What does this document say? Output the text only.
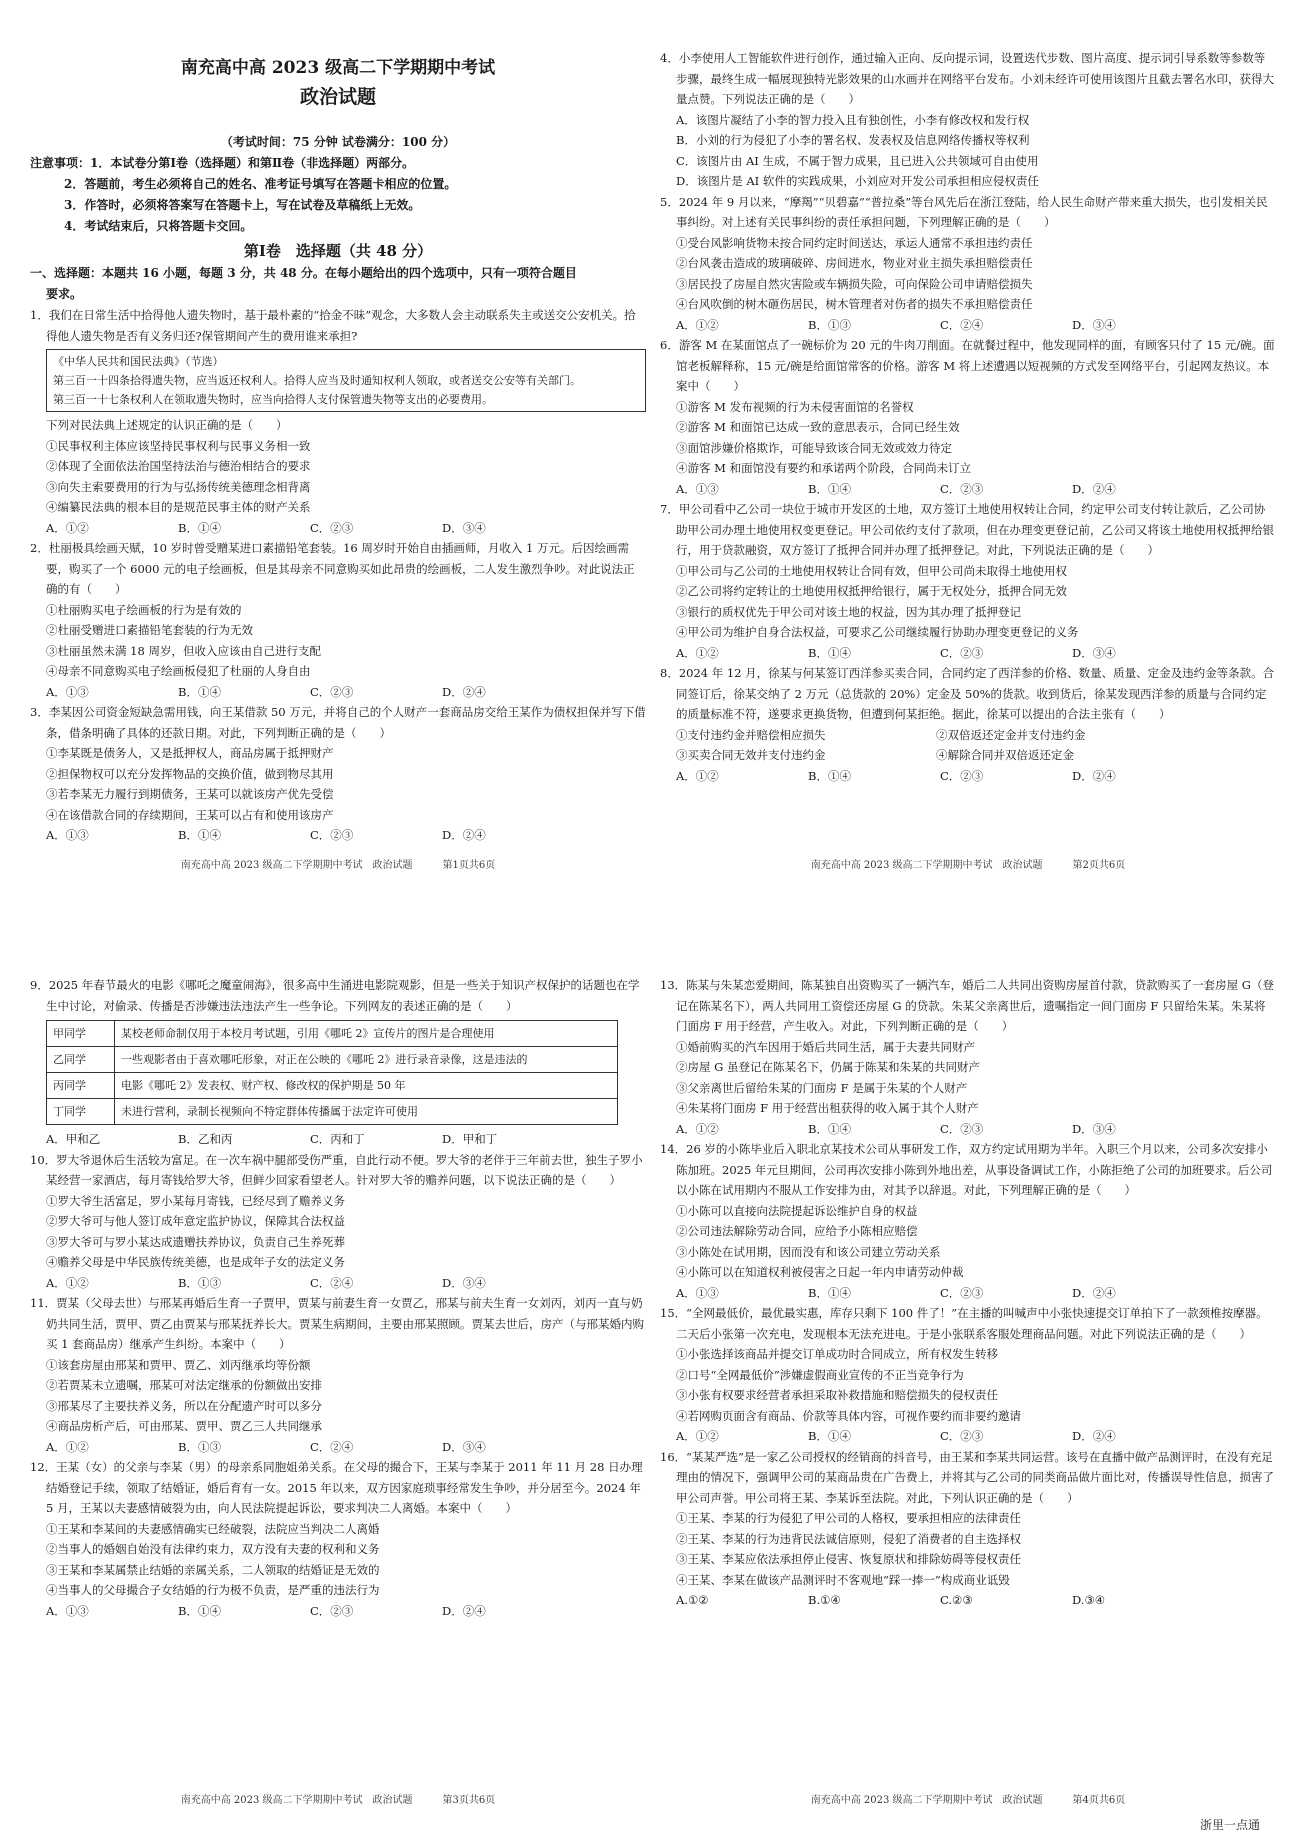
南充高中高 2023 级高二下学期期中考试
政治试题
（考试时间：75 分钟 试卷满分：100 分）
注意事项：1．本试卷分第Ⅰ卷（选择题）和第Ⅱ卷（非选择题）两部分。
2．答题前，考生必须将自己的姓名、准考证号填写在答题卡相应的位置。
3．作答时，必须将答案写在答题卡上，写在试卷及草稿纸上无效。
4．考试结束后，只将答题卡交回。
第Ⅰ卷　选择题（共 48 分）
一、选择题：本题共 16 小题，每题 3 分，共 48 分。在每小题给出的四个选项中，只有一项符合题目
要求。
1．我们在日常生活中拾得他人遗失物时，基于最朴素的“拾金不昧”观念，大多数人会主动联系失主或送交公安机关。拾得他人遗失物是否有义务归还?保管期间产生的费用谁来承担?
《中华人民共和国民法典》（节选）
第三百一十四条拾得遗失物，应当返还权利人。拾得人应当及时通知权利人领取，或者送交公安等有关部门。
第三百一十七条权利人在领取遗失物时，应当向拾得人支付保管遗失物等支出的必要费用。
下列对民法典上述规定的认识正确的是（　　）
①民事权利主体应该坚持民事权利与民事义务相一致
②体现了全面依法治国坚持法治与德治相结合的要求
③向失主索要费用的行为与弘扬传统美德理念相背离
④编纂民法典的根本目的是规范民事主体的财产关系
A．①②	B．①④	C．②③	D．③④
2．杜丽极具绘画天赋，10 岁时曾受赠某进口素描铅笔套装。16 周岁时开始自由插画师，月收入 1 万元。后因绘画需要，购买了一个 6000 元的电子绘画板，但是其母亲不同意购买如此昂贵的绘画板，二人发生激烈争吵。对此说法正确的有（　　）
①杜丽购买电子绘画板的行为是有效的
②杜丽受赠进口素描铅笔套装的行为无效
③杜丽虽然未满 18 周岁，但收入应该由自己进行支配
④母亲不同意购买电子绘画板侵犯了杜丽的人身自由
A．①③	B．①④	C．②③	D．②④
3．李某因公司资金短缺急需用钱，向王某借款 50 万元，并将自己的个人财产一套商品房交给王某作为债权担保并写下借条，借条明确了具体的还款日期。对此，下列判断正确的是（　　）
①李某既是债务人，又是抵押权人，商品房属于抵押财产
②担保物权可以充分发挥物品的交换价值，做到物尽其用
③若李某无力履行到期债务，王某可以就该房产优先受偿
④在该借款合同的存续期间，王某可以占有和使用该房产
A．①③	B．①④	C．②③	D．②④
南充高中高 2023 级高二下学期期中考试　政治试题　　　第1页共6页
4．小李使用人工智能软件进行创作，通过输入正向、反向提示词，设置迭代步数、图片高度、提示词引导系数等参数等步骤，最终生成一幅展现独特光影效果的山水画并在网络平台发布。小刘未经许可使用该图片且截去署名水印，获得大量点赞。下列说法正确的是（　　）
A．该图片凝结了小李的智力投入且有独创性，小李有修改权和发行权
B．小刘的行为侵犯了小李的署名权、发表权及信息网络传播权等权利
C．该图片由 AI 生成，不属于智力成果，且已进入公共领域可自由使用
D．该图片是 AI 软件的实践成果，小刘应对开发公司承担相应侵权责任
5．2024 年 9 月以来，“摩羯”“贝碧嘉”“普拉桑”等台风先后在浙江登陆，给人民生命财产带来重大损失，也引发相关民事纠纷。对上述有关民事纠纷的责任承担问题，下列理解正确的是（　　）
①受台风影响货物未按合同约定时间送达，承运人通常不承担违约责任
②台风袭击造成的玻璃破碎、房间进水，物业对业主损失承担赔偿责任
③居民投了房屋自然灾害险或车辆损失险，可向保险公司申请赔偿损失
④台风吹倒的树木砸伤居民，树木管理者对伤者的损失不承担赔偿责任
A．①②	B．①③	C．②④	D．③④
6．游客 M 在某面馆点了一碗标价为 20 元的牛肉刀削面。在就餐过程中，他发现同样的面，有顾客只付了 15 元/碗。面馆老板解释称，15 元/碗是给面馆常客的价格。游客 M 将上述遭遇以短视频的方式发至网络平台，引起网友热议。本案中（　　）
①游客 M 发布视频的行为未侵害面馆的名誉权
②游客 M 和面馆已达成一致的意思表示，合同已经生效
③面馆涉嫌价格欺诈，可能导致该合同无效或效力待定
④游客 M 和面馆没有要约和承诺两个阶段，合同尚未订立
A．①③	B．①④	C．②③	D．②④
7．甲公司看中乙公司一块位于城市开发区的土地，双方签订土地使用权转让合同，约定甲公司支付转让款后，乙公司协助甲公司办理土地使用权变更登记。甲公司依约支付了款项，但在办理变更登记前，乙公司又将该土地使用权抵押给银行，用于贷款融资，双方签订了抵押合同并办理了抵押登记。对此，下列说法正确的是（　　）
①甲公司与乙公司的土地使用权转让合同有效，但甲公司尚未取得土地使用权
②乙公司将约定转让的土地使用权抵押给银行，属于无权处分，抵押合同无效
③银行的质权优先于甲公司对该土地的权益，因为其办理了抵押登记
④甲公司为维护自身合法权益，可要求乙公司继续履行协助办理变更登记的义务
A．①②	B．①④	C．②③	D．③④
8．2024 年 12 月，徐某与何某签订西洋参买卖合同，合同约定了西洋参的价格、数量、质量、定金及违约金等条款。合同签订后，徐某交纳了 2 万元（总货款的 20%）定金及 50%的货款。收到货后，徐某发现西洋参的质量与合同约定的质量标准不符，遂要求更换货物，但遭到何某拒绝。据此，徐某可以提出的合法主张有（　　）
①支付违约金并赔偿相应损失	②双倍返还定金并支付违约金
③买卖合同无效并支付违约金	④解除合同并双倍返还定金
A．①②	B．①④	C．②③	D．②④
南充高中高 2023 级高二下学期期中考试　政治试题　　　第2页共6页
9．2025 年春节最火的电影《哪吒之魔童闹海》，很多高中生涌进电影院观影，但是一些关于知识产权保护的话题也在学生中讨论，对偷录、传播是否涉嫌违法违法产生一些争论。下列网友的表述正确的是（　　）
甲同学	某校老师命制仅用于本校月考试题，引用《哪吒 2》宣传片的图片是合理使用
乙同学	一些观影者由于喜欢哪吒形象，对正在公映的《哪吒 2》进行录音录像，这是违法的
丙同学	电影《哪吒 2》发表权、财产权、修改权的保护期是 50 年
丁同学	未进行营利，录制长视频向不特定群体传播属于法定许可使用
A．甲和乙	B．乙和丙	C．丙和丁	D．甲和丁
10．罗大爷退休后生活较为富足。在一次车祸中腿部受伤严重，自此行动不便。罗大爷的老伴于三年前去世，独生子罗小某经营一家酒店，每月寄钱给罗大爷，但鲜少回家看望老人。针对罗大爷的赡养问题，以下说法正确的是（　　）
①罗大爷生活富足，罗小某每月寄钱，已经尽到了赡养义务
②罗大爷可与他人签订成年意定监护协议，保障其合法权益
③罗大爷可与罗小某达成遗赠扶养协议，负责自己生养死葬
④赡养父母是中华民族传统美德，也是成年子女的法定义务
A．①②	B．①③	C．②④	D．③④
11．贾某（父母去世）与邢某再婚后生育一子贾甲，贾某与前妻生育一女贾乙，邢某与前夫生育一女刘丙，刘丙一直与奶奶共同生活，贾甲、贾乙由贾某与邢某抚养长大。贾某生病期间，主要由邢某照顾。贾某去世后，房产（与邢某婚内购买 1 套商品房）继承产生纠纷。本案中（　　）
①该套房屋由邢某和贾甲、贾乙、刘丙继承均等份额
②若贾某未立遗嘱，邢某可对法定继承的份额做出安排
③邢某尽了主要扶养义务，所以在分配遗产时可以多分
④商品房析产后，可由邢某、贾甲、贾乙三人共同继承
A．①②	B．①③	C．②④	D．③④
12．王某（女）的父亲与李某（男）的母亲系同胞姐弟关系。在父母的撮合下，王某与李某于 2011 年 11 月 28 日办理结婚登记手续，领取了结婚证，婚后育有一女。2015 年以来，双方因家庭琐事经常发生争吵，并分居至今。2024 年 5 月，王某以夫妻感情破裂为由，向人民法院提起诉讼，要求判决二人离婚。本案中（　　）
①王某和李某间的夫妻感情确实已经破裂，法院应当判决二人离婚
②当事人的婚姻自始没有法律约束力，双方没有夫妻的权利和义务
③王某和李某属禁止结婚的亲属关系，二人领取的结婚证是无效的
④当事人的父母撮合子女结婚的行为极不负责，是严重的违法行为
A．①③	B．①④	C．②③	D．②④
南充高中高 2023 级高二下学期期中考试　政治试题　　　第3页共6页
13．陈某与朱某恋爱期间，陈某独自出资购买了一辆汽车，婚后二人共同出资购房屋首付款，贷款购买了一套房屋 G（登记在陈某名下），两人共同用工资偿还房屋 G 的贷款。朱某父亲离世后，遗嘱指定一间门面房 F 只留给朱某。朱某将门面房 F 用于经营，产生收入。对此，下列判断正确的是（　　）
①婚前购买的汽车因用于婚后共同生活，属于夫妻共同财产
②房屋 G 虽登记在陈某名下，仍属于陈某和朱某的共同财产
③父亲离世后留给朱某的门面房 F 是属于朱某的个人财产
④朱某将门面房 F 用于经营出租获得的收入属于其个人财产
A．①②	B．①④	C．②③	D．③④
14．26 岁的小陈毕业后入职北京某技术公司从事研发工作，双方约定试用期为半年。入职三个月以来，公司多次安排小陈加班。2025 年元旦期间，公司再次安排小陈到外地出差，从事设备调试工作，小陈拒绝了公司的加班要求。后公司以小陈在试用期内不服从工作安排为由，对其予以辞退。对此，下列理解正确的是（　　）
①小陈可以直接向法院提起诉讼维护自身的权益
②公司违法解除劳动合同，应给予小陈相应赔偿
③小陈处在试用期，因而没有和该公司建立劳动关系
④小陈可以在知道权利被侵害之日起一年内申请劳动仲裁
A．①③	B．①④	C．②③	D．②④
15．“全网最低价，最优最实惠，库存只剩下 100 件了！”在主播的叫喊声中小张快速提交订单拍下了一款颈椎按摩器。二天后小张第一次充电，发现根本无法充进电。于是小张联系客服处理商品问题。对此下列说法正确的是（　　）
①小张选择该商品并提交订单成功时合同成立，所有权发生转移
②口号“全网最低价”涉嫌虚假商业宣传的不正当竞争行为
③小张有权要求经营者承担采取补救措施和赔偿损失的侵权责任
④若网购页面含有商品、价款等具体内容，可视作要约而非要约邀请
A．①②	B．①④	C．②③	D．②④
16．“某某严选”是一家乙公司授权的经销商的抖音号，由王某和李某共同运营。该号在直播中做产品测评时，在没有充足理由的情况下，强调甲公司的某商品贵在广告费上，并将其与乙公司的同类商品做片面比对，传播误导性信息，损害了甲公司声誉。甲公司将王某、李某诉至法院。对此，下列认识正确的是（　　）
①王某、李某的行为侵犯了甲公司的人格权，要承担相应的法律责任
②王某、李某的行为违背民法诚信原则，侵犯了消费者的自主选择权
③王某、李某应依法承担停止侵害、恢复原状和排除妨碍等侵权责任
④王某、李某在做该产品测评时不客观地“踩一捧一”构成商业诋毁
A.①②	B.①④	C.②③	D.③④
南充高中高 2023 级高二下学期期中考试　政治试题　　　第4页共6页
浙里一点通
